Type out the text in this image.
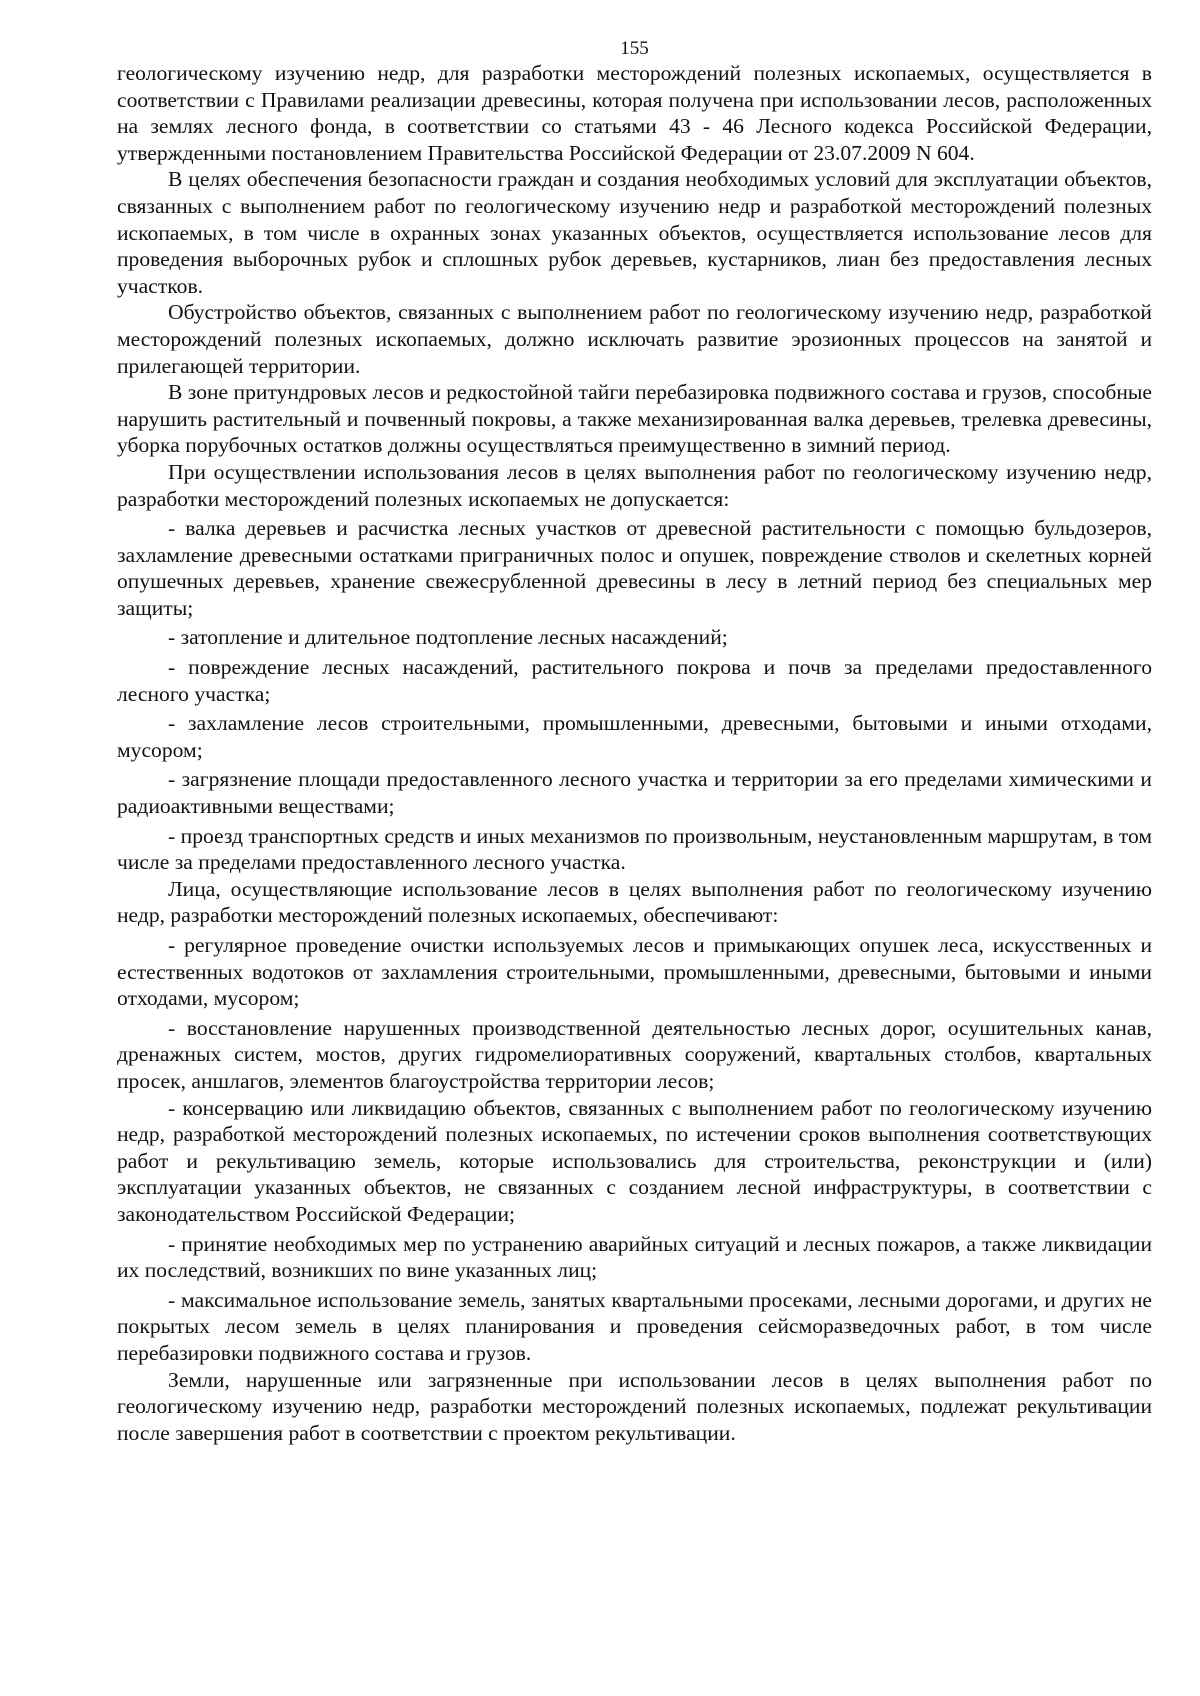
155

геологическому изучению недр, для разработки месторождений полезных ископаемых, осуществляется в соответствии с Правилами реализации древесины, которая получена при использовании лесов, расположенных на землях лесного фонда, в соответствии со статьями 43 - 46 Лесного кодекса Российской Федерации, утвержденными постановлением Правительства Российской Федерации от 23.07.2009 N 604.

В целях обеспечения безопасности граждан и создания необходимых условий для эксплуатации объектов, связанных с выполнением работ по геологическому изучению недр и разработкой месторождений полезных ископаемых, в том числе в охранных зонах указанных объектов, осуществляется использование лесов для проведения выборочных рубок и сплошных рубок деревьев, кустарников, лиан без предоставления лесных участков.

Обустройство объектов, связанных с выполнением работ по геологическому изучению недр, разработкой месторождений полезных ископаемых, должно исключать развитие эрозионных процессов на занятой и прилегающей территории.

В зоне притундровых лесов и редкостойной тайги перебазировка подвижного состава и грузов, способные нарушить растительный и почвенный покровы, а также механизированная валка деревьев, трелевка древесины, уборка порубочных остатков должны осуществляться преимущественно в зимний период.

При осуществлении использования лесов в целях выполнения работ по геологическому изучению недр, разработки месторождений полезных ископаемых не допускается:

- валка деревьев и расчистка лесных участков от древесной растительности с помощью бульдозеров, захламление древесными остатками приграничных полос и опушек, повреждение стволов и скелетных корней опушечных деревьев, хранение свежесрубленной древесины в лесу в летний период без специальных мер защиты;

- затопление и длительное подтопление лесных насаждений;

- повреждение лесных насаждений, растительного покрова и почв за пределами предоставленного лесного участка;

- захламление лесов строительными, промышленными, древесными, бытовыми и иными отходами, мусором;

- загрязнение площади предоставленного лесного участка и территории за его пределами химическими и радиоактивными веществами;

- проезд транспортных средств и иных механизмов по произвольным, неустановленным маршрутам, в том числе за пределами предоставленного лесного участка.

Лица, осуществляющие использование лесов в целях выполнения работ по геологическому изучению недр, разработки месторождений полезных ископаемых, обеспечивают:

- регулярное проведение очистки используемых лесов и примыкающих опушек леса, искусственных и естественных водотоков от захламления строительными, промышленными, древесными, бытовыми и иными отходами, мусором;

- восстановление нарушенных производственной деятельностью лесных дорог, осушительных канав, дренажных систем, мостов, других гидромелиоративных сооружений, квартальных столбов, квартальных просек, аншлагов, элементов благоустройства территории лесов;

- консервацию или ликвидацию объектов, связанных с выполнением работ по геологическому изучению недр, разработкой месторождений полезных ископаемых, по истечении сроков выполнения соответствующих работ и рекультивацию земель, которые использовались для строительства, реконструкции и (или) эксплуатации указанных объектов, не связанных с созданием лесной инфраструктуры, в соответствии с законодательством Российской Федерации;

- принятие необходимых мер по устранению аварийных ситуаций и лесных пожаров, а также ликвидации их последствий, возникших по вине указанных лиц;

- максимальное использование земель, занятых квартальными просеками, лесными дорогами, и других не покрытых лесом земель в целях планирования и проведения сейсморазведочных работ, в том числе перебазировки подвижного состава и грузов.

Земли, нарушенные или загрязненные при использовании лесов в целях выполнения работ по геологическому изучению недр, разработки месторождений полезных ископаемых, подлежат рекультивации после завершения работ в соответствии с проектом рекультивации.
